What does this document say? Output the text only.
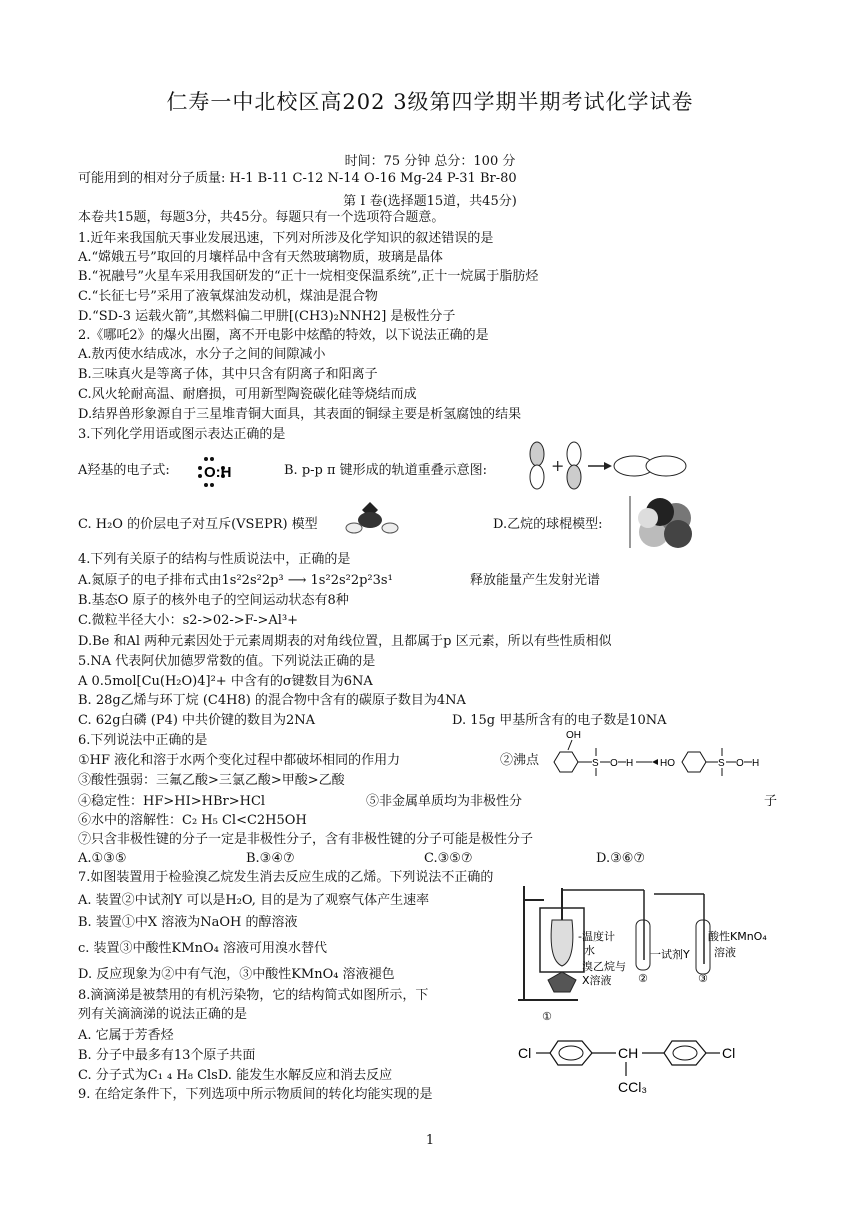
仁寿一中北校区高202 3级第四学期半期考试化学试卷
时间：75 分钟 总分：100 分
可能用到的相对分子质量: H-1 B-11 C-12 N-14 O-16 Mg-24 P-31 Br-80
第 I 卷(选择题15道，共45分)
本卷共15题，每题3分，共45分。每题只有一个选项符合题意。
1.近年来我国航天事业发展迅速，下列对所涉及化学知识的叙述错误的是
A.“嫦娥五号”取回的月壤样品中含有天然玻璃物质，玻璃是晶体
B.“祝融号”火星车采用我国研发的“正十一烷相变保温系统”,正十一烷属于脂肪烃
C.“长征七号”采用了液氧煤油发动机，煤油是混合物
D.“SD-3 运载火箭”,其燃料偏二甲肼[(CH3)₂NNH2] 是极性分子
2.《哪吒2》的爆火出圈，离不开电影中炫酷的特效，以下说法正确的是
A.敖丙使水结成冰，水分子之间的间隙减小
B.三味真火是等离子体，其中只含有阴离子和阳离子
C.风火轮耐高温、耐磨损，可用新型陶瓷碳化硅等烧结而成
D.结界兽形象源自于三星堆青铜大面具，其表面的铜绿主要是析氢腐蚀的结果
3.下列化学用语或图示表达正确的是
A羟基的电子式: O:H	B. p-p π 键形成的轨道重叠示意图:	+
C. H₂O 的价层电子对互斥(VSEPR) 模型	D.乙烷的球棍模型:
4.下列有关原子的结构与性质说法中，正确的是
A.氮原子的电子排布式由1s²2s²2p³ ⟶ 1s²2s²2p²3s¹	释放能量产生发射光谱
B.基态O 原子的核外电子的空间运动状态有8种
C.微粒半径大小：s2->02->F->Al³+
D.Be 和Al 两种元素因处于元素周期表的对角线位置，且都属于p 区元素，所以有些性质相似
5.NA 代表阿伏加德罗常数的值。下列说法正确的是
A 0.5mol[Cu(H₂O)4]²+ 中含有的σ键数目为6NA
B. 28g乙烯与环丁烷 (C4H8) 的混合物中含有的碳原子数目为4NA
C. 62g白磷 (P4) 中共价键的数目为2NA	D. 15g 甲基所含有的电子数是10NA
6.下列说法中正确的是
①HF 液化和溶于水两个变化过程中都破坏相同的作用力	②沸点
OH
S O H	HO	S O H
③酸性强弱：三氟乙酸>三氯乙酸>甲酸>乙酸
④稳定性：HF>HI>HBr>HCl	⑤非金属单质均为非极性分	子
⑥水中的溶解性：C₂ H₅ Cl<C2H5OH
⑦只含非极性键的分子一定是非极性分子，含有非极性键的分子可能是极性分子
A.①③⑤	B.③④⑦	C.③⑤⑦	D.③⑥⑦
7.如图装置用于检验溴乙烷发生消去反应生成的乙烯。下列说法不正确的
A. 装置②中试剂Y 可以是H₂O, 目的是为了观察气体产生速率
B. 装置①中X 溶液为NaOH 的醇溶液
c. 装置③中酸性KMnO₄ 溶液可用溴水替代
D. 反应现象为②中有气泡，③中酸性KMnO₄ 溶液褪色
-温度计
水
溴乙烷与
X溶液
一试剂Y
酸性KMnO₄
溶液
②	③
①
8.滴滴涕是被禁用的有机污染物，它的结构简式如图所示，下
列有关滴滴涕的说法正确的是
A. 它属于芳香烃
B. 分子中最多有13个原子共面
C. 分子式为C₁ ₄ H₈ ClsD. 能发生水解反应和消去反应
Cl	CH	Cl
CCl₃
9. 在给定条件下，下列选项中所示物质间的转化均能实现的是
1
